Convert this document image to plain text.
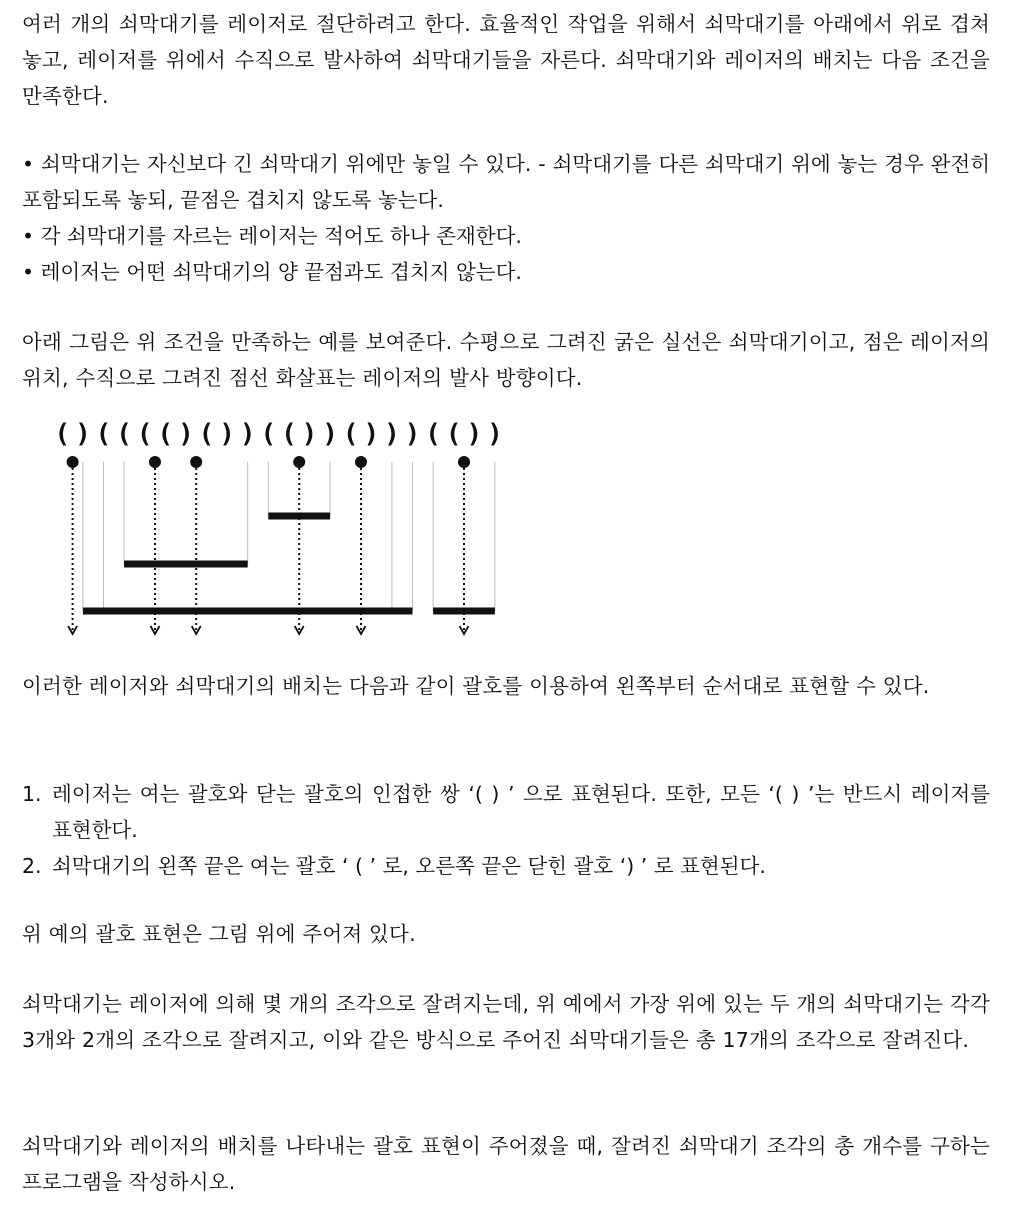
여러 개의 쇠막대기를 레이저로 절단하려고 한다. 효율적인 작업을 위해서 쇠막대기를 아래에서 위로 겹쳐 놓고, 레이저를 위에서 수직으로 발사하여 쇠막대기들을 자른다. 쇠막대기와 레이저의 배치는 다음 조건을 만족한다.

• 쇠막대기는 자신보다 긴 쇠막대기 위에만 놓일 수 있다. - 쇠막대기를 다른 쇠막대기 위에 놓는 경우 완전히 포함되도록 놓되, 끝점은 겹치지 않도록 놓는다.

• 각 쇠막대기를 자르는 레이저는 적어도 하나 존재한다.

• 레이저는 어떤 쇠막대기의 양 끝점과도 겹치지 않는다.

아래 그림은 위 조건을 만족하는 예를 보여준다. 수평으로 그려진 굵은 실선은 쇠막대기이고, 점은 레이저의 위치, 수직으로 그려진 점선 화살표는 레이저의 발사 방향이다.

( ) ( ( ( ( ) ( ) ) ( ( ) ) ( ) ) ) ( ( ) )

이러한 레이저와 쇠막대기의 배치는 다음과 같이 괄호를 이용하여 왼쪽부터 순서대로 표현할 수 있다.

1. 레이저는 여는 괄호와 닫는 괄호의 인접한 쌍 ‘( ) ’ 으로 표현된다. 또한, 모든 ‘( ) ’는 반드시 레이저를 표현한다.
2. 쇠막대기의 왼쪽 끝은 여는 괄호 ‘ ( ’ 로, 오른쪽 끝은 닫힌 괄호 ‘) ’ 로 표현된다.

위 예의 괄호 표현은 그림 위에 주어져 있다.

쇠막대기는 레이저에 의해 몇 개의 조각으로 잘려지는데, 위 예에서 가장 위에 있는 두 개의 쇠막대기는 각각 3개와 2개의 조각으로 잘려지고, 이와 같은 방식으로 주어진 쇠막대기들은 총 17개의 조각으로 잘려진다.

쇠막대기와 레이저의 배치를 나타내는 괄호 표현이 주어졌을 때, 잘려진 쇠막대기 조각의 총 개수를 구하는 프로그램을 작성하시오.
